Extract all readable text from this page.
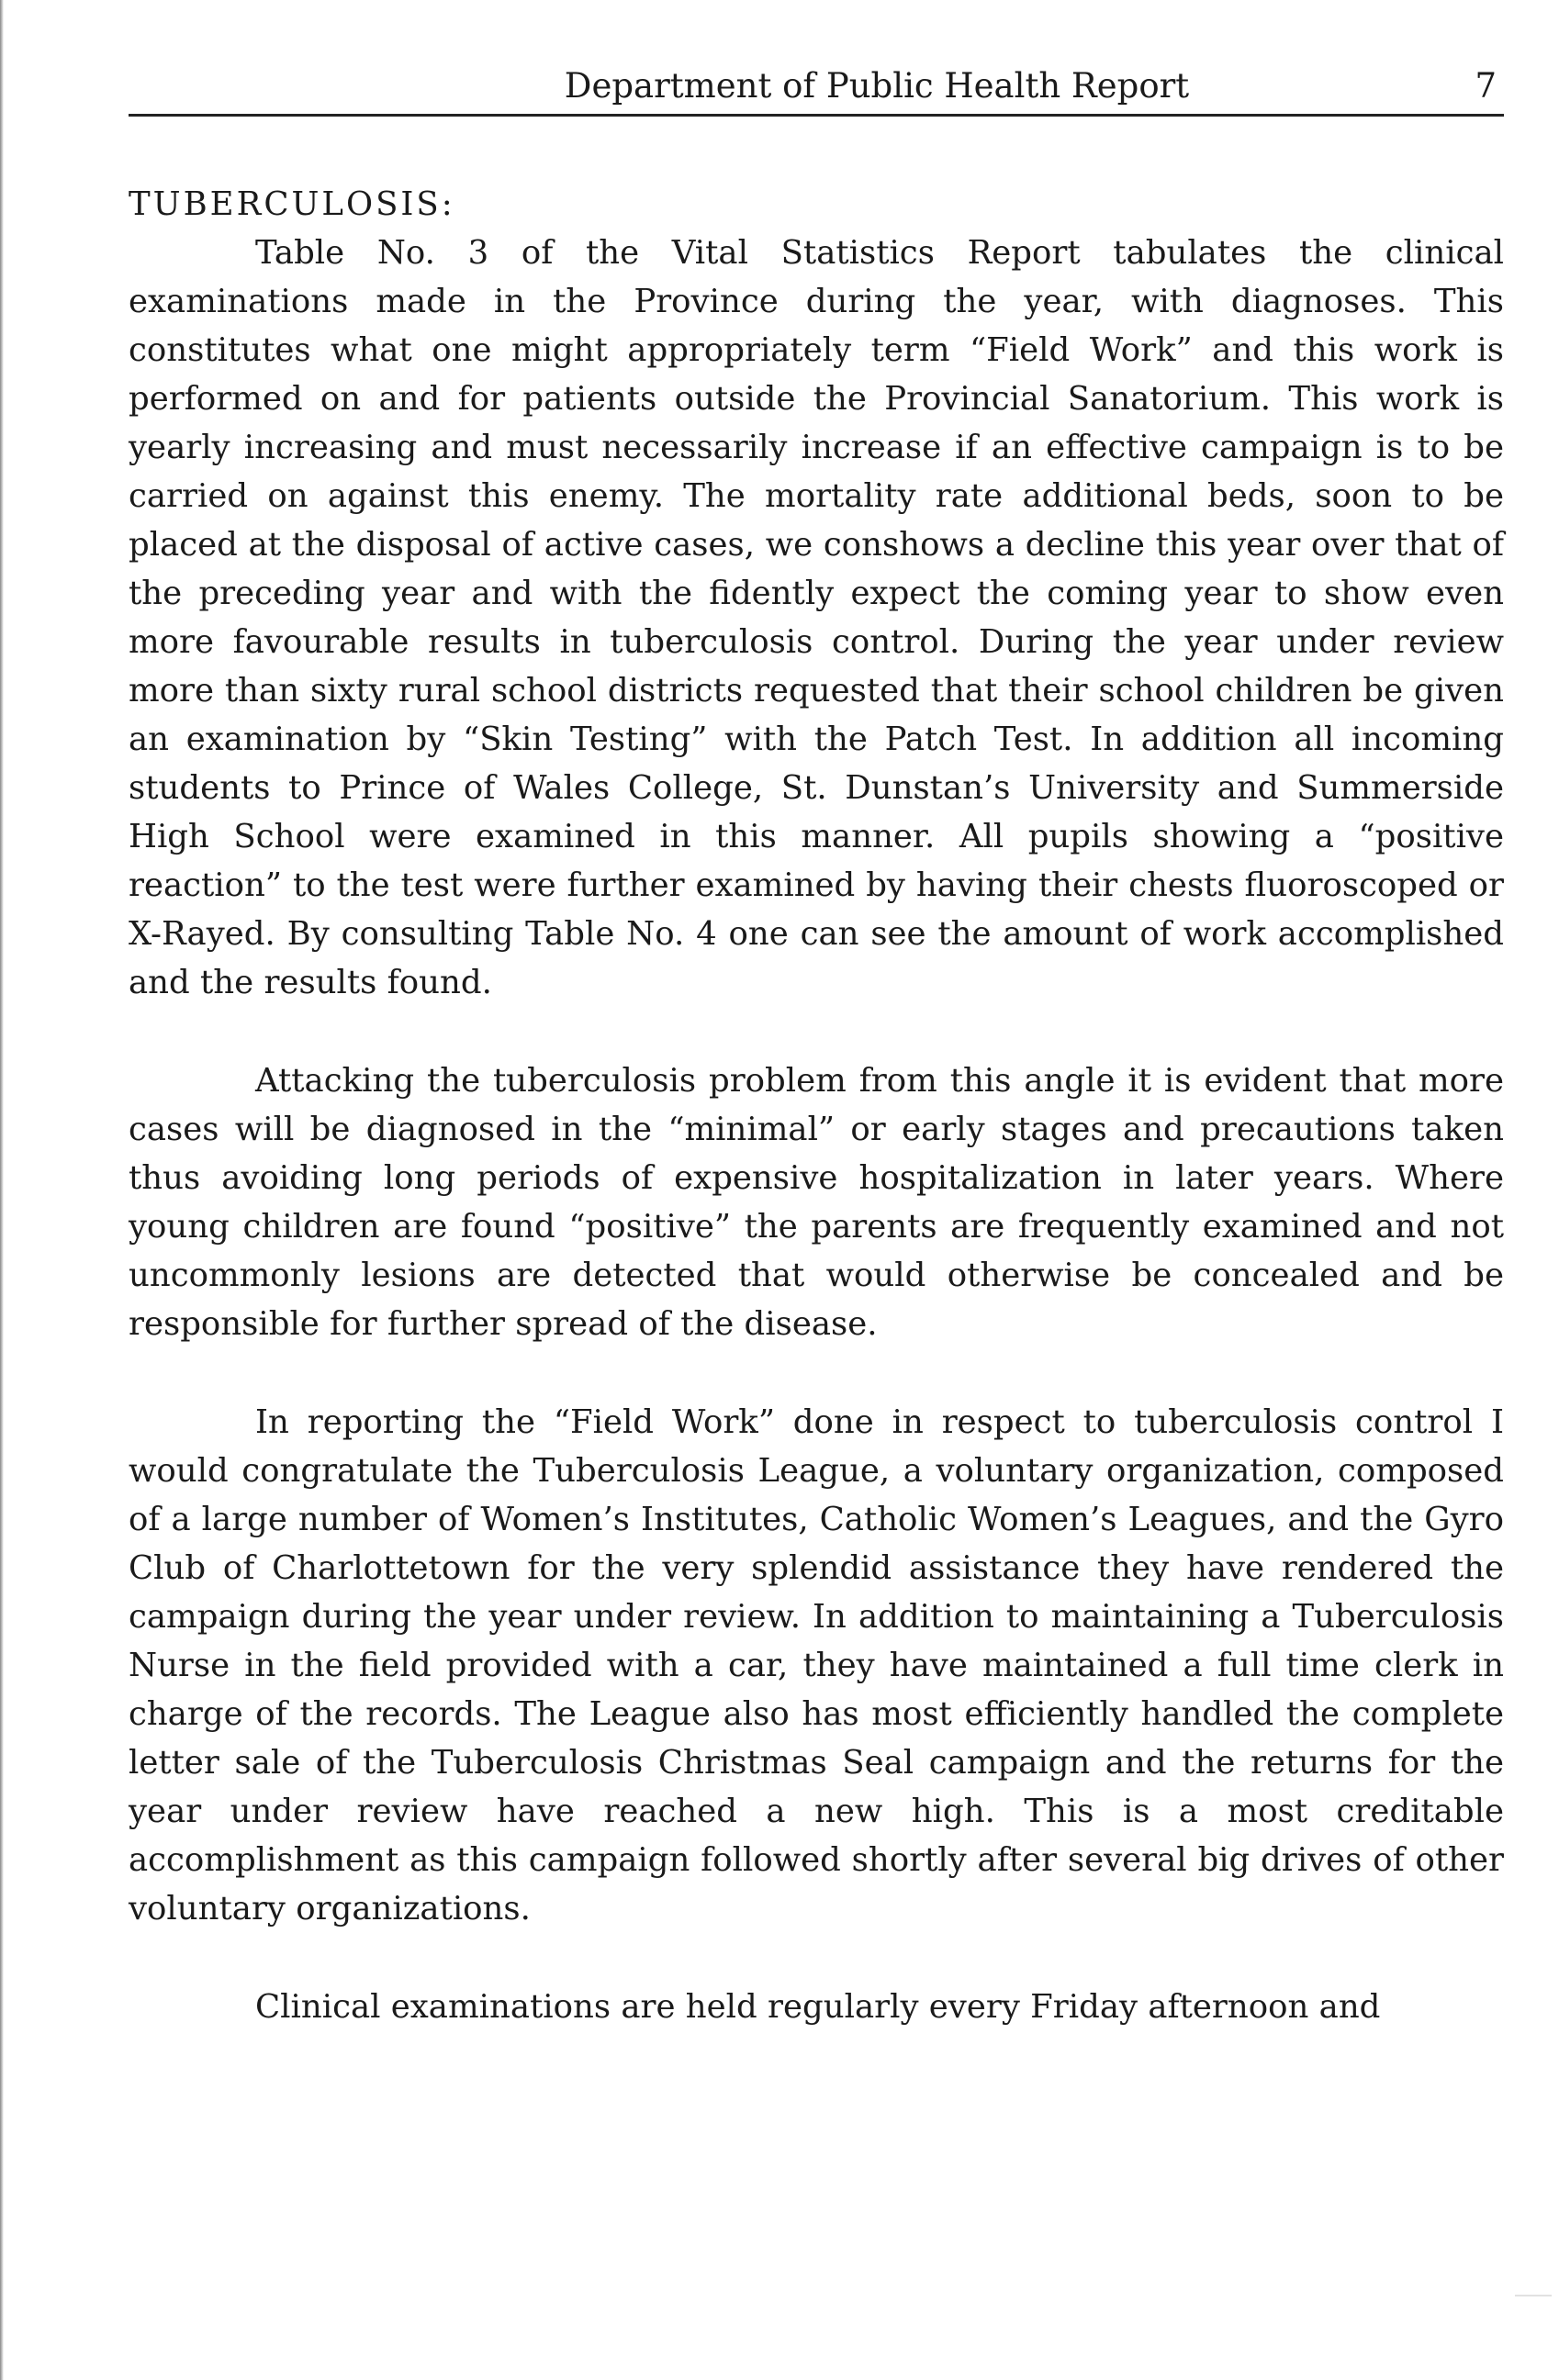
Department of Public Health Report	7
TUBERCULOSIS:

Table No. 3 of the Vital Statistics Report tabulates the clinical examinations made in the Province during the year, with diagnoses. This constitutes what one might appropriately term “Field Work” and this work is performed on and for patients outside the Provincial Sanatorium. This work is yearly increasing and must necessarily increase if an effective campaign is to be carried on against this enemy. The mortality rate additional beds, soon to be placed at the disposal of active cases, we conshows a decline this year over that of the preceding year and with the fidently expect the coming year to show even more favourable results in tuberculosis control. During the year under review more than sixty rural school districts requested that their school children be given an examination by “Skin Testing” with the Patch Test. In addition all incoming students to Prince of Wales College, St. Dunstan’s University and Summerside High School were examined in this manner. All pupils showing a “positive reaction” to the test were further examined by having their chests fluoroscoped or X-Rayed. By consulting Table No. 4 one can see the amount of work accomplished and the results found.

Attacking the tuberculosis problem from this angle it is evident that more cases will be diagnosed in the “minimal” or early stages and precautions taken thus avoiding long periods of expensive hospitalization in later years. Where young children are found “positive” the parents are frequently examined and not uncommonly lesions are detected that would otherwise be concealed and be responsible for further spread of the disease.

In reporting the “Field Work” done in respect to tuberculosis control I would congratulate the Tuberculosis League, a voluntary organization, composed of a large number of Women’s Institutes, Catholic Women’s Leagues, and the Gyro Club of Charlottetown for the very splendid assistance they have rendered the campaign during the year under review. In addition to maintaining a Tuberculosis Nurse in the field provided with a car, they have maintained a full time clerk in charge of the records. The League also has most efficiently handled the complete letter sale of the Tuberculosis Christmas Seal campaign and the returns for the year under review have reached a new high. This is a most creditable accomplishment as this campaign followed shortly after several big drives of other voluntary organizations.

Clinical examinations are held regularly every Friday afternoon and
